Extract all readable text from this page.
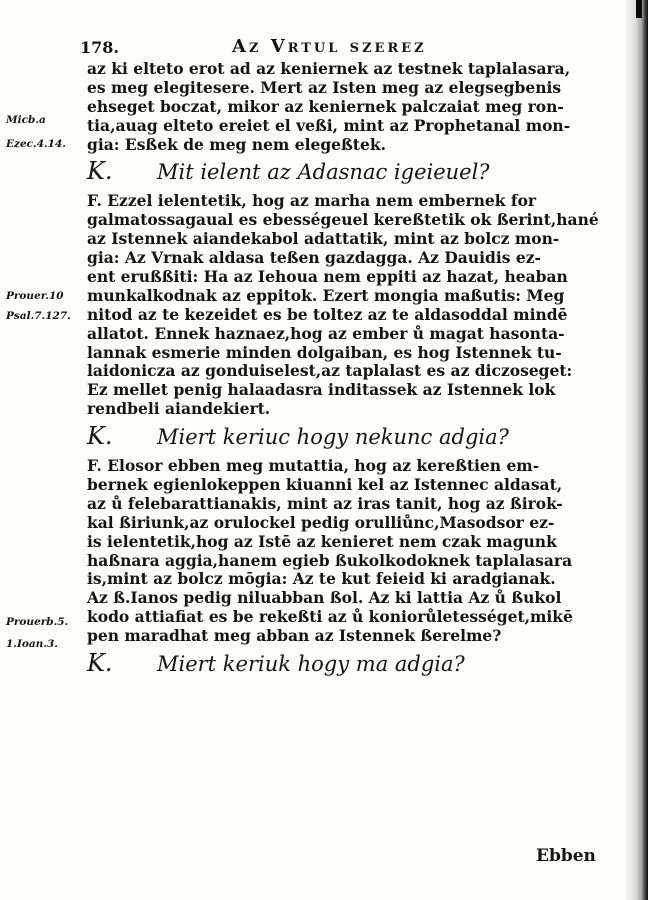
178.	Az Vrtul szerez
Micb.a
Ezec.4.14.
Prouer.10
Psal.7.127.
Prouerb.5.
1.Ioan.3.
az ki elteto erot ad az keniernek az testnek taplalasara,
es meg elegitesere. Mert az Isten meg az elegsegbenis
ehseget boczat, mikor az keniernek palczaiat meg ron-
tia,auag elteto ereiet el veßi, mint az Prophetanal mon-
gia: Esßek de meg nem elegeßtek.
K. Mit ielent az Adasnac igeieuel?
F. Ezzel ielentetik, hog az marha nem embernek for
galmatossagaual es ebességeuel kereßtetik ok ßerint,hané
az Istennek aiandekabol adattatik, mint az bolcz mon-
gia: Az Vrnak aldasa teßen gazdagga. Az Dauidis ez-
ent erußßiti: Ha az Iehoua nem eppiti az hazat, heaban
munkalkodnak az eppitok. Ezert mongia maßutis: Meg
nitod az te kezeidet es be toltez az te aldasoddal mindē
allatot. Ennek haznaez,hog az ember ů magat hasonta-
lannak esmerie minden dolgaiban, es hog Istennek tu-
laidonicza az gonduiselest,az taplalast es az diczoseget:
Ez mellet penig halaadasra inditassek az Istennek lok
rendbeli aiandekiert.
K. Miert keriuc hogy nekunc adgia?
F. Elosor ebben meg mutattia, hog az kereßtien em-
bernek egienlokeppen kiuanni kel az Istennec aldasat,
az ů felebarattianakis, mint az iras tanit, hog az ßirok-
kal ßiriunk,az orulockel pedig orulliůnc,Masodsor ez-
is ielentetik,hog az Istē az kenieret nem czak magunk
haßnara aggia,hanem egieb ßukolkodoknek taplalasara
is,mint az bolcz mōgia: Az te kut feieid ki aradgianak.
Az ß.Ianos pedig niluabban ßol. Az ki lattia Az ů ßukol
kodo attiafiat es be rekeßti az ů koniorůletességet,mikē
pen maradhat meg abban az Istennek ßerelme?
K. Miert keriuk hogy ma adgia?
Ebben
